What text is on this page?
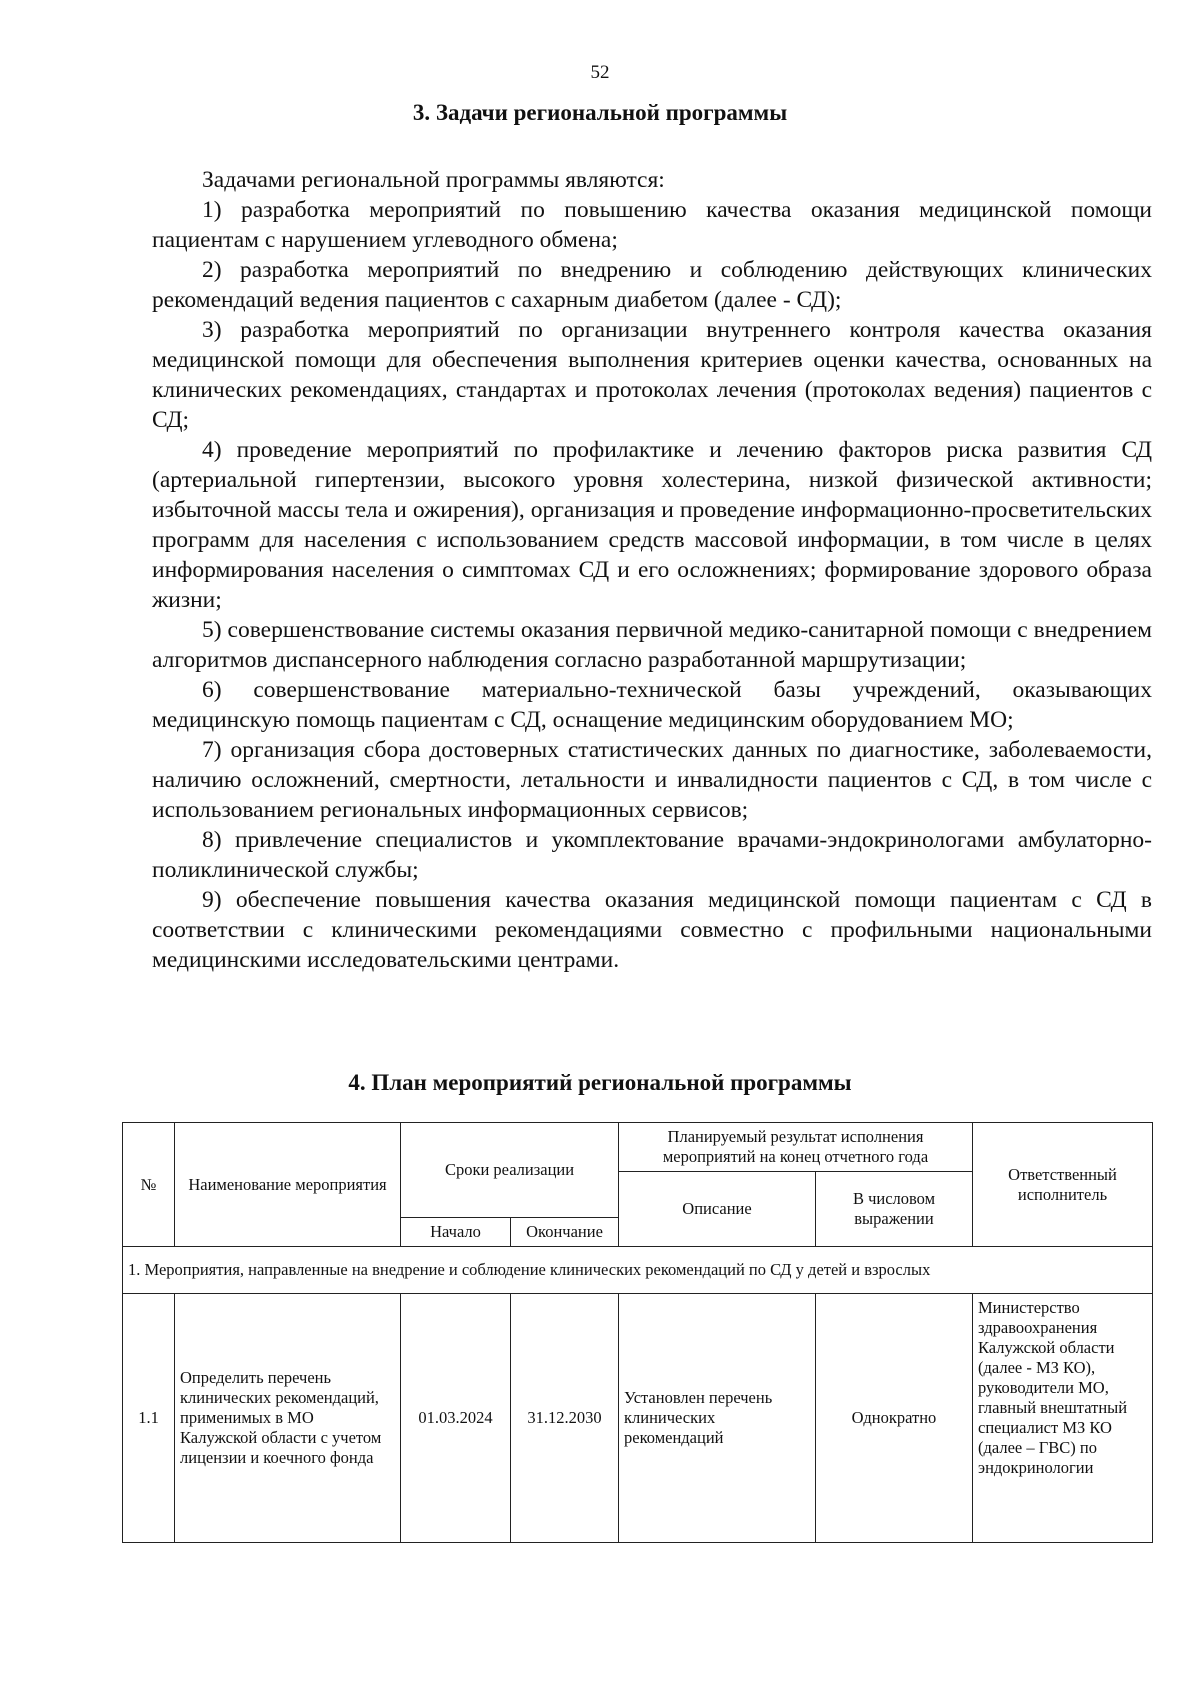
52
3. Задачи региональной программы

Задачами региональной программы являются:

1) разработка мероприятий по повышению качества оказания медицинской помощи пациентам с нарушением углеводного обмена;

2) разработка мероприятий по внедрению и соблюдению действующих клинических рекомендаций ведения пациентов с сахарным диабетом (далее - СД);

3) разработка мероприятий по организации внутреннего контроля качества оказания медицинской помощи для обеспечения выполнения критериев оценки качества, основанных на клинических рекомендациях, стандартах и протоколах лечения (протоколах ведения) пациентов с СД;

4) проведение мероприятий по профилактике и лечению факторов риска развития СД (артериальной гипертензии, высокого уровня холестерина, низкой физической активности; избыточной массы тела и ожирения), организация и проведение информационно-просветительских программ для населения с использованием средств массовой информации, в том числе в целях информирования населения о симптомах СД и его осложнениях; формирование здорового образа жизни;

5) совершенствование системы оказания первичной медико-санитарной помощи с внедрением алгоритмов диспансерного наблюдения согласно разработанной маршрутизации;

6) совершенствование материально-технической базы учреждений, оказывающих медицинскую помощь пациентам с СД, оснащение медицинским оборудованием МО;

7) организация сбора достоверных статистических данных по диагностике, заболеваемости, наличию осложнений, смертности, летальности и инвалидности пациентов с СД, в том числе с использованием региональных информационных сервисов;

8) привлечение специалистов и укомплектование врачами-эндокринологами амбулаторно-поликлинической службы;

9) обеспечение повышения качества оказания медицинской помощи пациентам с СД в соответствии с клиническими рекомендациями совместно с профильными национальными медицинскими исследовательскими центрами.

4. План мероприятий региональной программы
№	Наименование мероприятия	Сроки реализации		Планируемый результат исполнения мероприятий на конец отчетного года		Ответственный исполнитель
				Описание	В числовом выражении	
		Начало	Окончание			
1. Мероприятия, направленные на внедрение и соблюдение клинических рекомендаций по СД у детей и взрослых						
1.1	Определить перечень клинических рекомендаций, применимых в МО Калужской области с учетом лицензии и коечного фонда	01.03.2024	31.12.2030	Установлен перечень клинических рекомендаций	Однократно	Министерство здравоохранения Калужской области (далее - МЗ КО), руководители МО, главный внештатный специалист МЗ КО (далее – ГВС) по эндокринологии
